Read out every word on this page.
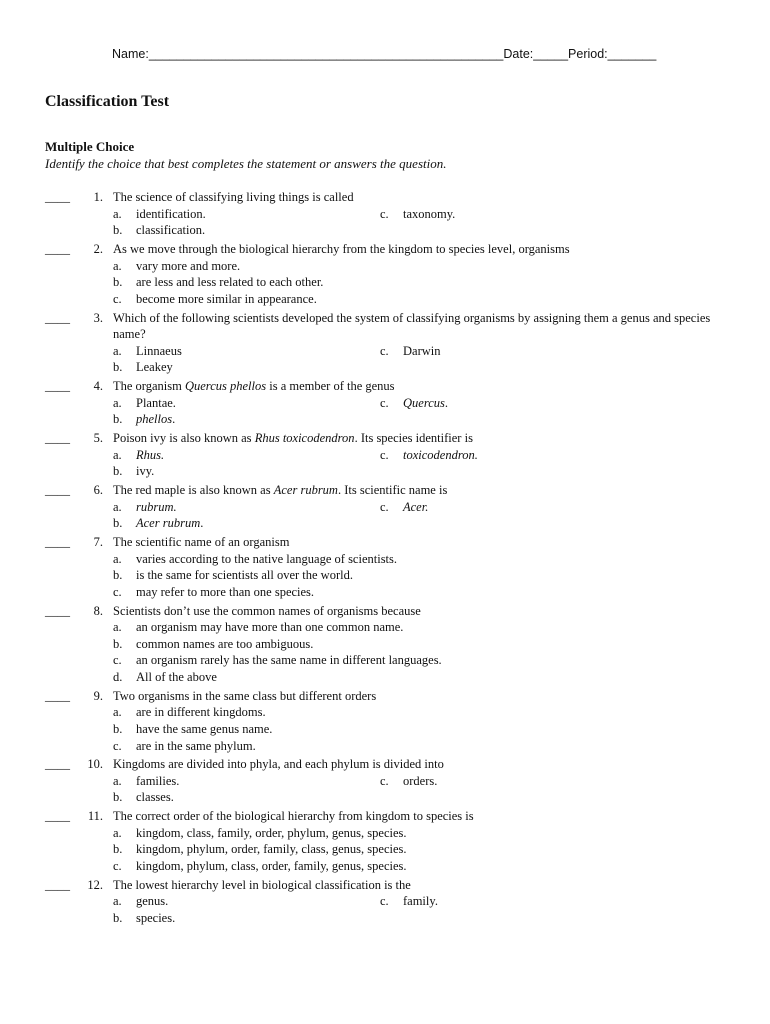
Name:___________________________________________________Date:_____Period:_______
Classification Test
Multiple Choice
Identify the choice that best completes the statement or answers the question.
____	1. The science of classifying living things is called
a.	identification.	c.	taxonomy.
b.	classification.
____	2. As we move through the biological hierarchy from the kingdom to species level, organisms
a.	vary more and more.
b.	are less and less related to each other.
c.	become more similar in appearance.
____	3. Which of the following scientists developed the system of classifying organisms by assigning them a genus and species name?
a.	Linnaeus	c.	Darwin
b.	Leakey
____	4. The organism Quercus phellos is a member of the genus
a.	Plantae.	c.	Quercus.
b.	phellos.
____	5. Poison ivy is also known as Rhus toxicodendron. Its species identifier is
a.	Rhus.	c.	toxicodendron.
b.	ivy.
____	6. The red maple is also known as Acer rubrum. Its scientific name is
a.	rubrum.	c.	Acer.
b.	Acer rubrum.
____	7. The scientific name of an organism
a.	varies according to the native language of scientists.
b.	is the same for scientists all over the world.
c.	may refer to more than one species.
____	8. Scientists don’t use the common names of organisms because
a.	an organism may have more than one common name.
b.	common names are too ambiguous.
c.	an organism rarely has the same name in different languages.
d.	All of the above
____	9. Two organisms in the same class but different orders
a.	are in different kingdoms.
b.	have the same genus name.
c.	are in the same phylum.
____	10. Kingdoms are divided into phyla, and each phylum is divided into
a.	families.	c.	orders.
b.	classes.
____	11. The correct order of the biological hierarchy from kingdom to species is
a.	kingdom, class, family, order, phylum, genus, species.
b.	kingdom, phylum, order, family, class, genus, species.
c.	kingdom, phylum, class, order, family, genus, species.
____	12. The lowest hierarchy level in biological classification is the
a.	genus.	c.	family.
b.	species.
